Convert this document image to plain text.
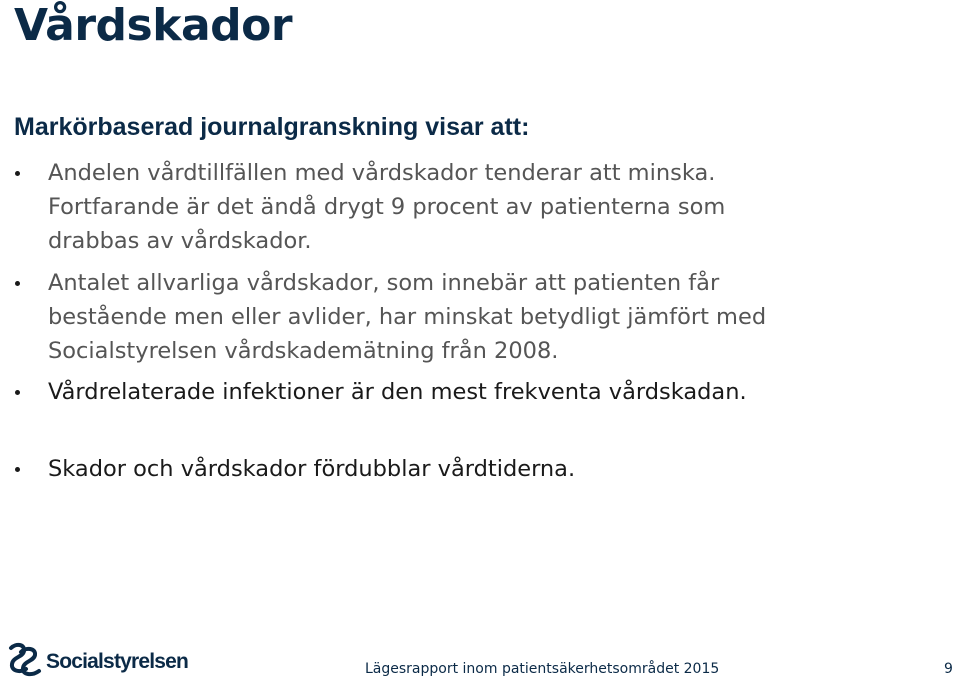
Vårdskador
Markörbaserad journalgranskning visar att:
Andelen vårdtillfällen med vårdskador tenderar att minska. Fortfarande är det ändå drygt 9 procent av patienterna som drabbas av vårdskador.
Antalet allvarliga vårdskador, som innebär att patienten får bestående men eller avlider, har minskat betydligt jämfört med Socialstyrelsen vårdskademätning från 2008.
Vårdrelaterade infektioner är den mest frekventa vårdskadan.
Skador och vårdskador fördubblar vårdtiderna.
Socialstyrelsen	Lägesrapport inom patientsäkerhetsområdet 2015	9
